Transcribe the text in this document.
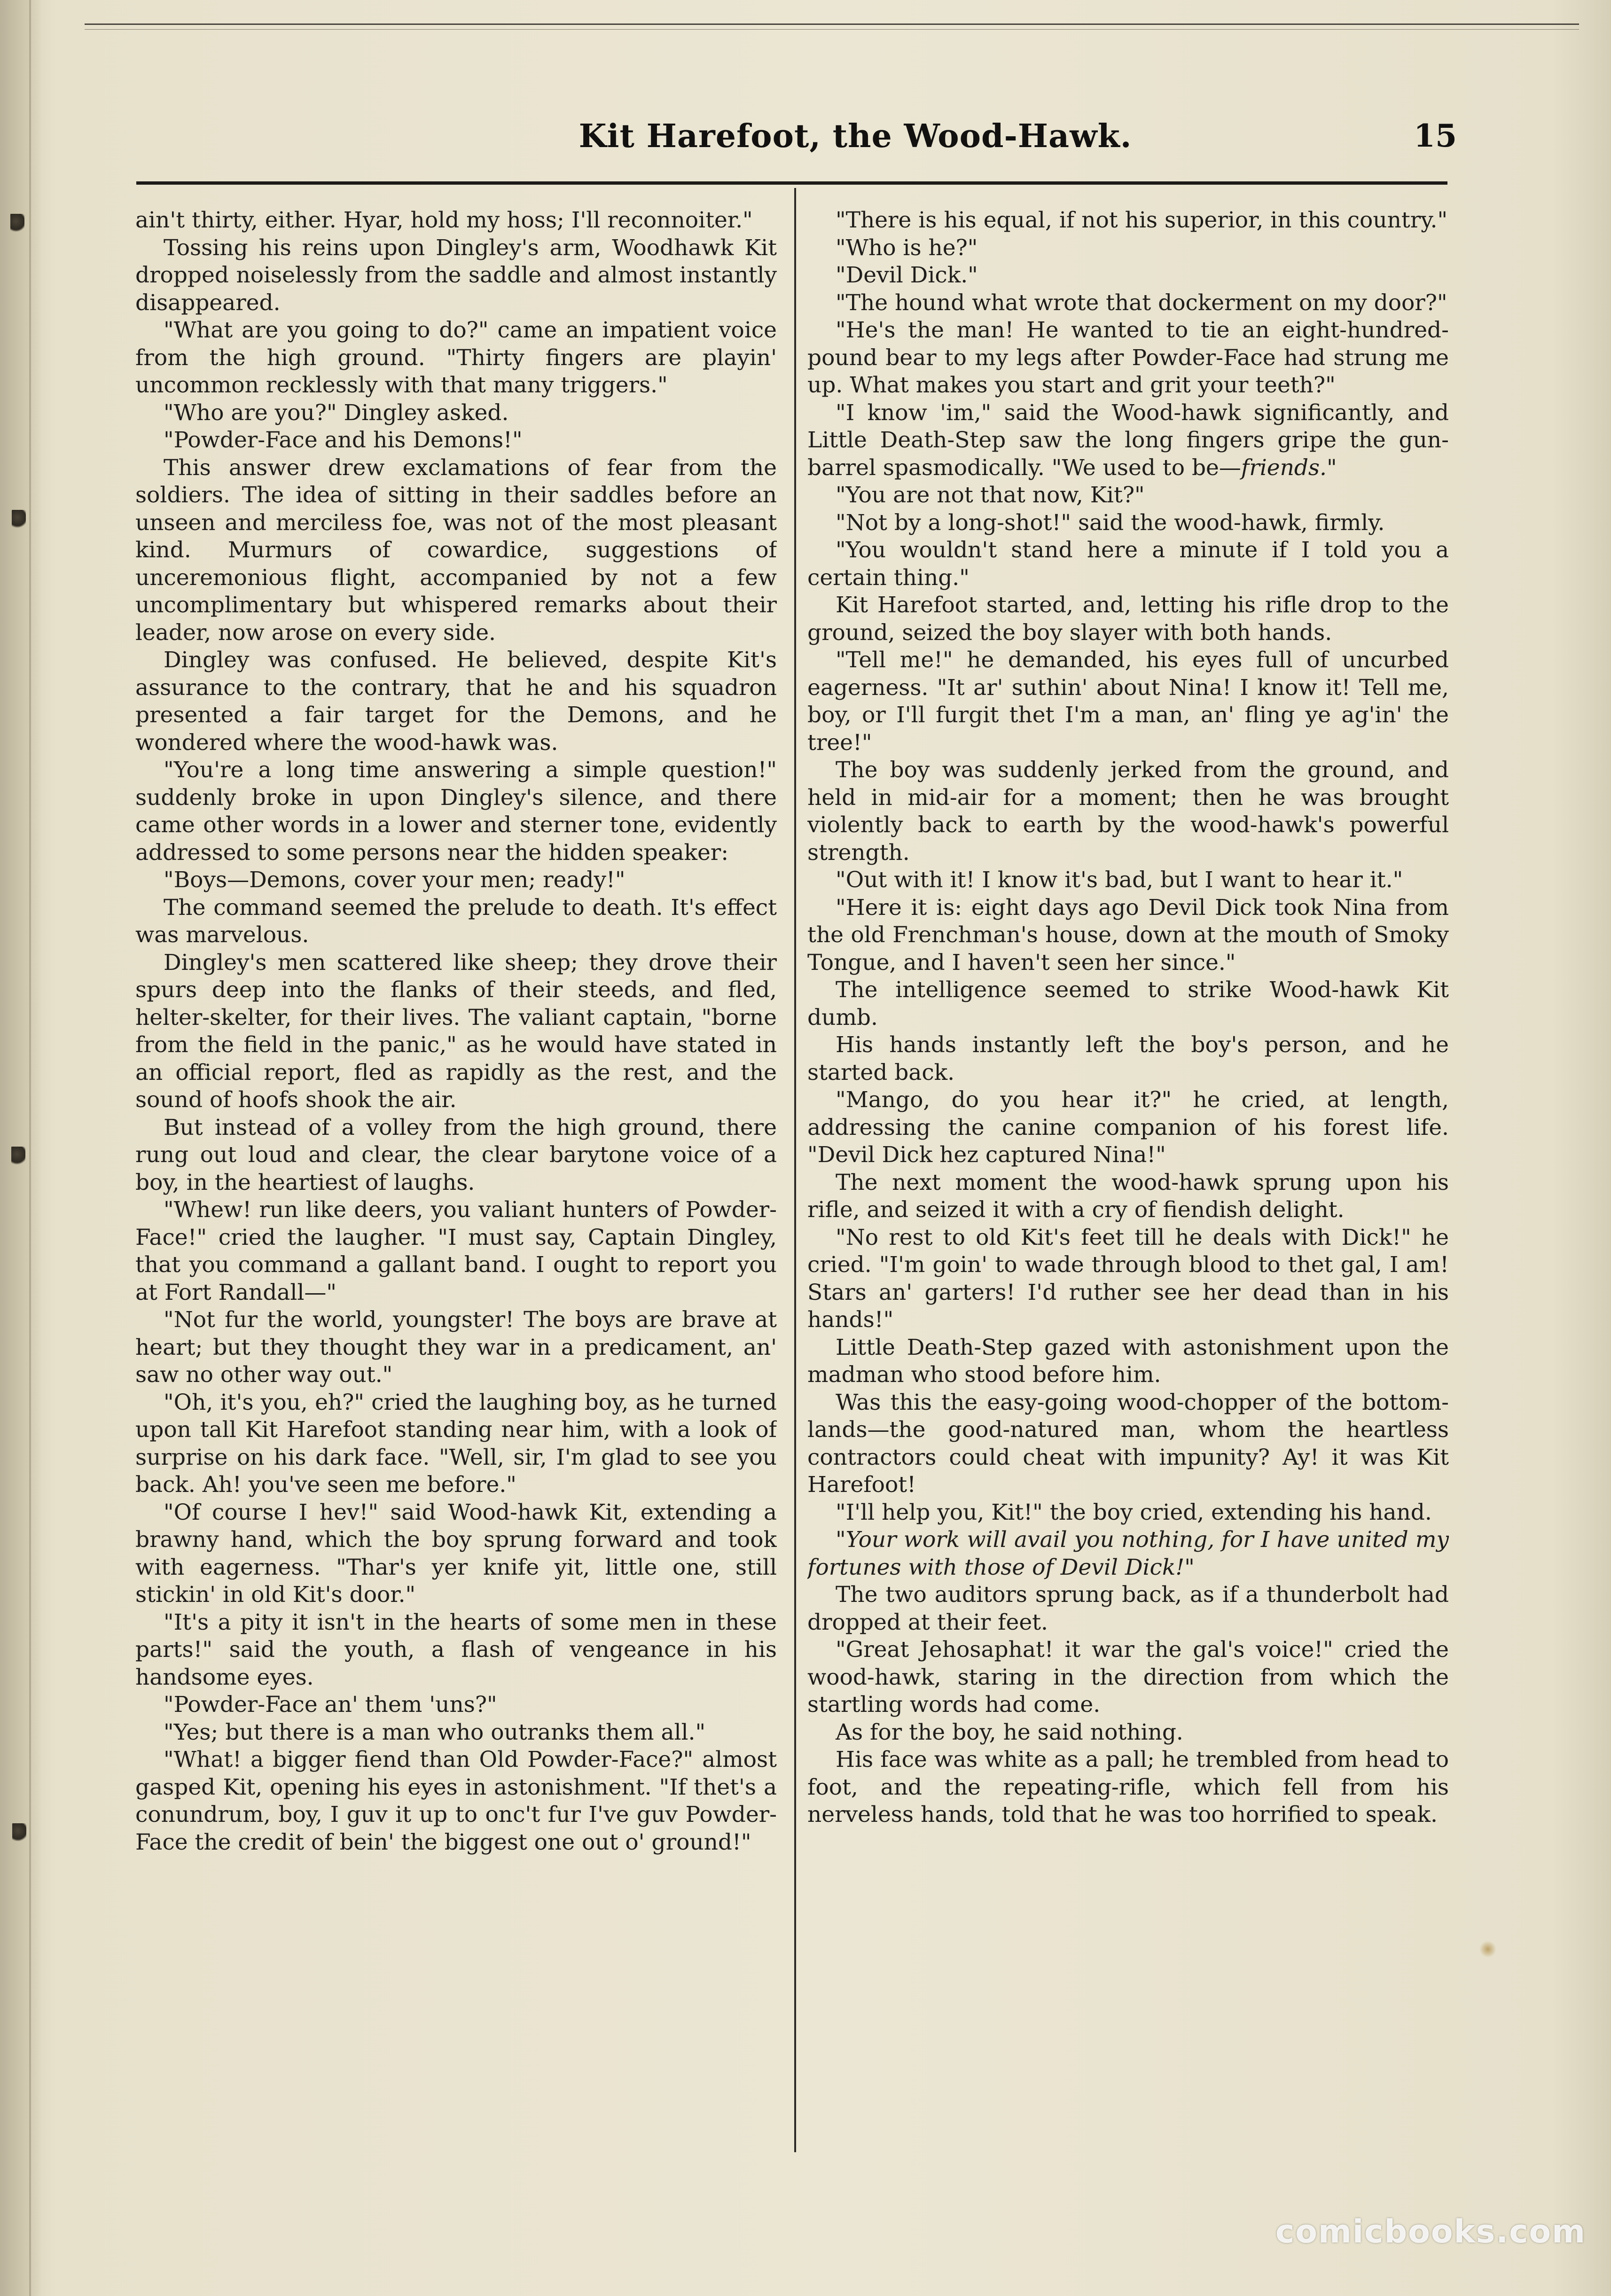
Kit Harefoot, the Wood-Hawk.	15

ain't thirty, either. Hyar, hold my hoss; I'll reconnoiter."

Tossing his reins upon Dingley's arm, Woodhawk Kit dropped noiselessly from the saddle and almost instantly disappeared.

"What are you going to do?" came an impatient voice from the high ground. "Thirty fingers are playin' uncommon recklessly with that many triggers."

"Who are you?" Dingley asked.

"Powder-Face and his Demons!"

This answer drew exclamations of fear from the soldiers. The idea of sitting in their saddles before an unseen and merciless foe, was not of the most pleasant kind. Murmurs of cowardice, suggestions of unceremonious flight, accompanied by not a few uncomplimentary but whispered remarks about their leader, now arose on every side.

Dingley was confused. He believed, despite Kit's assurance to the contrary, that he and his squadron presented a fair target for the Demons, and he wondered where the wood-hawk was.

"You're a long time answering a simple question!" suddenly broke in upon Dingley's silence, and there came other words in a lower and sterner tone, evidently addressed to some persons near the hidden speaker:

"Boys—Demons, cover your men; ready!"

The command seemed the prelude to death. It's effect was marvelous.

Dingley's men scattered like sheep; they drove their spurs deep into the flanks of their steeds, and fled, helter-skelter, for their lives. The valiant captain, "borne from the field in the panic," as he would have stated in an official report, fled as rapidly as the rest, and the sound of hoofs shook the air.

But instead of a volley from the high ground, there rung out loud and clear, the clear barytone voice of a boy, in the heartiest of laughs.

"Whew! run like deers, you valiant hunters of Powder-Face!" cried the laugher. "I must say, Captain Dingley, that you command a gallant band. I ought to report you at Fort Randall—"

"Not fur the world, youngster! The boys are brave at heart; but they thought they war in a predicament, an' saw no other way out."

"Oh, it's you, eh?" cried the laughing boy, as he turned upon tall Kit Harefoot standing near him, with a look of surprise on his dark face. "Well, sir, I'm glad to see you back. Ah! you've seen me before."

"Of course I hev!" said Wood-hawk Kit, extending a brawny hand, which the boy sprung forward and took with eagerness. "Thar's yer knife yit, little one, still stickin' in old Kit's door."

"It's a pity it isn't in the hearts of some men in these parts!" said the youth, a flash of vengeance in his handsome eyes.

"Powder-Face an' them 'uns?"

"Yes; but there is a man who outranks them all."

"What! a bigger fiend than Old Powder-Face?" almost gasped Kit, opening his eyes in astonishment. "If thet's a conundrum, boy, I guv it up to onc't fur I've guv Powder-Face the credit of bein' the biggest one out o' ground!"

"There is his equal, if not his superior, in this country."

"Who is he?"

"Devil Dick."

"The hound what wrote that dockerment on my door?"

"He's the man! He wanted to tie an eight-hundred-pound bear to my legs after Powder-Face had strung me up. What makes you start and grit your teeth?"

"I know 'im," said the Wood-hawk significantly, and Little Death-Step saw the long fingers gripe the gun-barrel spasmodically. "We used to be—friends."

"You are not that now, Kit?"

"Not by a long-shot!" said the wood-hawk, firmly.

"You wouldn't stand here a minute if I told you a certain thing."

Kit Harefoot started, and, letting his rifle drop to the ground, seized the boy slayer with both hands.

"Tell me!" he demanded, his eyes full of uncurbed eagerness. "It ar' suthin' about Nina! I know it! Tell me, boy, or I'll furgit thet I'm a man, an' fling ye ag'in' the tree!"

The boy was suddenly jerked from the ground, and held in mid-air for a moment; then he was brought violently back to earth by the wood-hawk's powerful strength.

"Out with it! I know it's bad, but I want to hear it."

"Here it is: eight days ago Devil Dick took Nina from the old Frenchman's house, down at the mouth of Smoky Tongue, and I haven't seen her since."

The intelligence seemed to strike Wood-hawk Kit dumb.

His hands instantly left the boy's person, and he started back.

"Mango, do you hear it?" he cried, at length, addressing the canine companion of his forest life. "Devil Dick hez captured Nina!"

The next moment the wood-hawk sprung upon his rifle, and seized it with a cry of fiendish delight.

"No rest to old Kit's feet till he deals with Dick!" he cried. "I'm goin' to wade through blood to thet gal, I am! Stars an' garters! I'd ruther see her dead than in his hands!"

Little Death-Step gazed with astonishment upon the madman who stood before him.

Was this the easy-going wood-chopper of the bottom-lands—the good-natured man, whom the heartless contractors could cheat with impunity? Ay! it was Kit Harefoot!

"I'll help you, Kit!" the boy cried, extending his hand.

"Your work will avail you nothing, for I have united my fortunes with those of Devil Dick!"

The two auditors sprung back, as if a thunderbolt had dropped at their feet.

"Great Jehosaphat! it war the gal's voice!" cried the wood-hawk, staring in the direction from which the startling words had come.

As for the boy, he said nothing.

His face was white as a pall; he trembled from head to foot, and the repeating-rifle, which fell from his nerveless hands, told that he was too horrified to speak.

comicbooks.com
